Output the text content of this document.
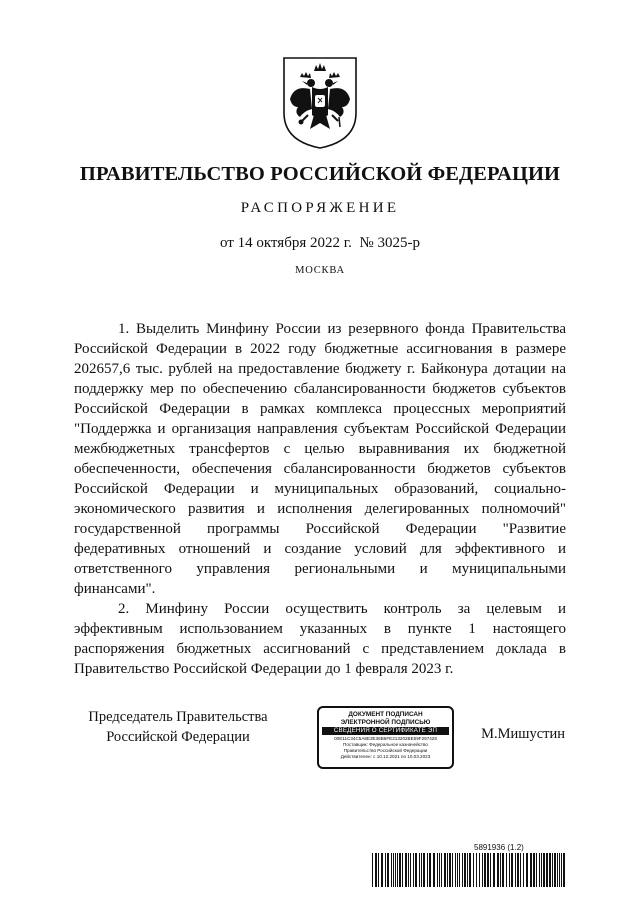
ПРАВИТЕЛЬСТВО РОССИЙСКОЙ ФЕДЕРАЦИИ
РАСПОРЯЖЕНИЕ
от 14 октября 2022 г.  № 3025-р
МОСКВА

1. Выделить Минфину России из резервного фонда Правительства Российской Федерации в 2022 году бюджетные ассигнования в размере 202657,6 тыс. рублей на предоставление бюджету г. Байконура дотации на поддержку мер по обеспечению сбалансированности бюджетов субъектов Российской Федерации в рамках комплекса процессных мероприятий "Поддержка и организация направления субъектам Российской Федерации межбюджетных трансфертов с целью выравнивания их бюджетной обеспеченности, обеспечения сбалансированности бюджетов субъектов Российской Федерации и муниципальных образований, социально-экономического развития и исполнения делегированных полномочий" государственной программы Российской Федерации "Развитие федеративных отношений и создание условий для эффективного и ответственного управления региональными и муниципальными финансами".

2. Минфину России осуществить контроль за целевым и эффективным использованием указанных в пункте 1 настоящего распоряжения бюджетных ассигнований с представлением доклада в Правительство Российской Федерации до 1 февраля 2023 г.

Председатель Правительства
Российской Федерации
ДОКУМЕНТ ПОДПИСАН
ЭЛЕКТРОННОЙ ПОДПИСЬЮ
СВЕДЕНИЯ О СЕРТИФИКАТЕ ЭП
00E11C34C5A8E3E36B6FE213202BE59F297428
Поставщик: Федеральное казначейство
Правительство Российской Федерации
Действителен: с 10.12.2021 по 10.03.2023
М.Мишустин
5891936 (1.2)
